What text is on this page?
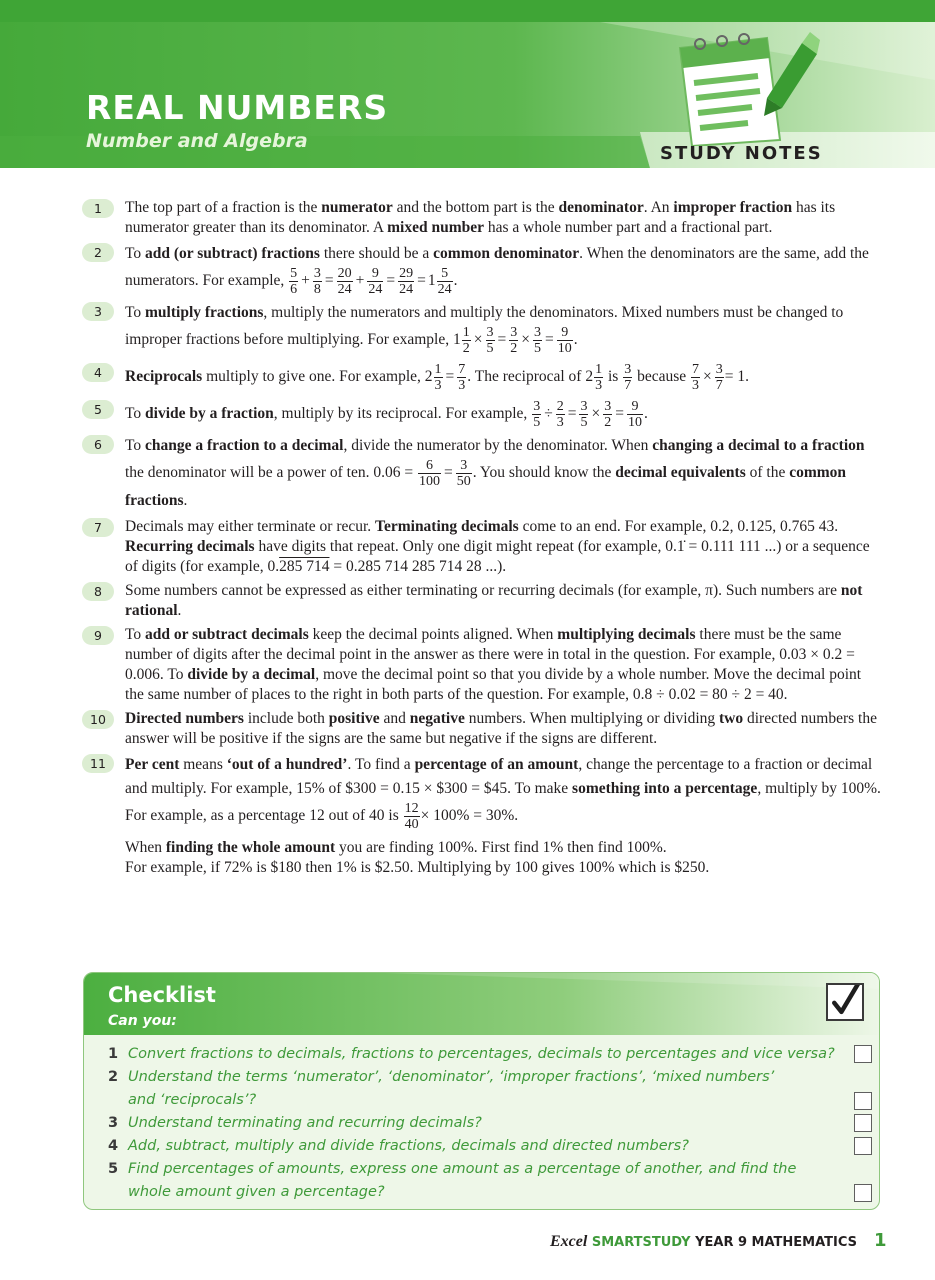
REAL NUMBERS
Number and Algebra
STUDY NOTES
1	The top part of a fraction is the numerator and the bottom part is the denominator. An improper fraction has its numerator greater than its denominator. A mixed number has a whole number part and a fractional part.
2	To add (or subtract) fractions there should be a common denominator. When the denominators are the same, add the numerators. For example, $\frac{5}{6} + \frac{3}{8} = \frac{20}{24} + \frac{9}{24} = \frac{29}{24} = 1 \frac{5}{24}$ .
3	To multiply fractions, multiply the numerators and multiply the denominators. Mixed numbers must be changed to improper fractions before multiplying. For example, $1 \frac{1}{2} \times \frac{3}{5} = \frac{3}{2} \times \frac{3}{5} = \frac{9}{10}$ .
4	Reciprocals multiply to give one. For example, $2 \frac{1}{3} = \frac{7}{3}$ . The reciprocal of $2 \frac{1}{3}$ is $\frac{3}{7}$ because $\frac{7}{3} \times \frac{3}{7} = 1$.
5	To divide by a fraction, multiply by its reciprocal. For example, $\frac{3}{5} \div \frac{2}{3} = \frac{3}{5} \times \frac{3}{2} = \frac{9}{10}$ .
6	To change a fraction to a decimal, divide the numerator by the denominator. When changing a decimal to a fraction the denominator will be a power of ten. $0.06 = \frac{6}{100} = \frac{3}{50}$ . You should know the decimal equivalents of the common fractions.
7	Decimals may either terminate or recur. Terminating decimals come to an end. For example, 0.2, 0.125, 0.765 43. Recurring decimals have digits that repeat. Only one digit might repeat (for example, 0.1̇ = 0.111 111 ...) or a sequence of digits (for example, 0.285 714 = 0.285 714 285 714 28 ...).
8	Some numbers cannot be expressed as either terminating or recurring decimals (for example, π). Such numbers are not rational.
9	To add or subtract decimals keep the decimal points aligned. When multiplying decimals there must be the same number of digits after the decimal point in the answer as there were in total in the question. For example, 0.03 × 0.2 = 0.006. To divide by a decimal, move the decimal point so that you divide by a whole number. Move the decimal point the same number of places to the right in both parts of the question. For example, 0.8 ÷ 0.02 = 80 ÷ 2 = 40.
10	Directed numbers include both positive and negative numbers. When multiplying or dividing two directed numbers the answer will be positive if the signs are the same but negative if the signs are different.
11	Per cent means ‘out of a hundred’. To find a percentage of an amount, change the percentage to a fraction or decimal and multiply. For example, 15% of $300 = 0.15 × $300 = $45. To make something into a percentage, multiply by 100%. For example, as a percentage 12 out of 40 is $\frac{12}{40} \times 100\% = 30\%$.
When finding the whole amount you are finding 100%. First find 1% then find 100%.
For example, if 72% is $180 then 1% is $2.50. Multiplying by 100 gives 100% which is $250.
Checklist
Can you:
1 Convert fractions to decimals, fractions to percentages, decimals to percentages and vice versa?
2 Understand the terms ‘numerator’, ‘denominator’, ‘improper fractions’, ‘mixed numbers’ and ‘reciprocals’?
3 Understand terminating and recurring decimals?
4 Add, subtract, multiply and divide fractions, decimals and directed numbers?
5 Find percentages of amounts, express one amount as a percentage of another, and find the whole amount given a percentage?
Excel SMARTSTUDY YEAR 9 MATHEMATICS 1
